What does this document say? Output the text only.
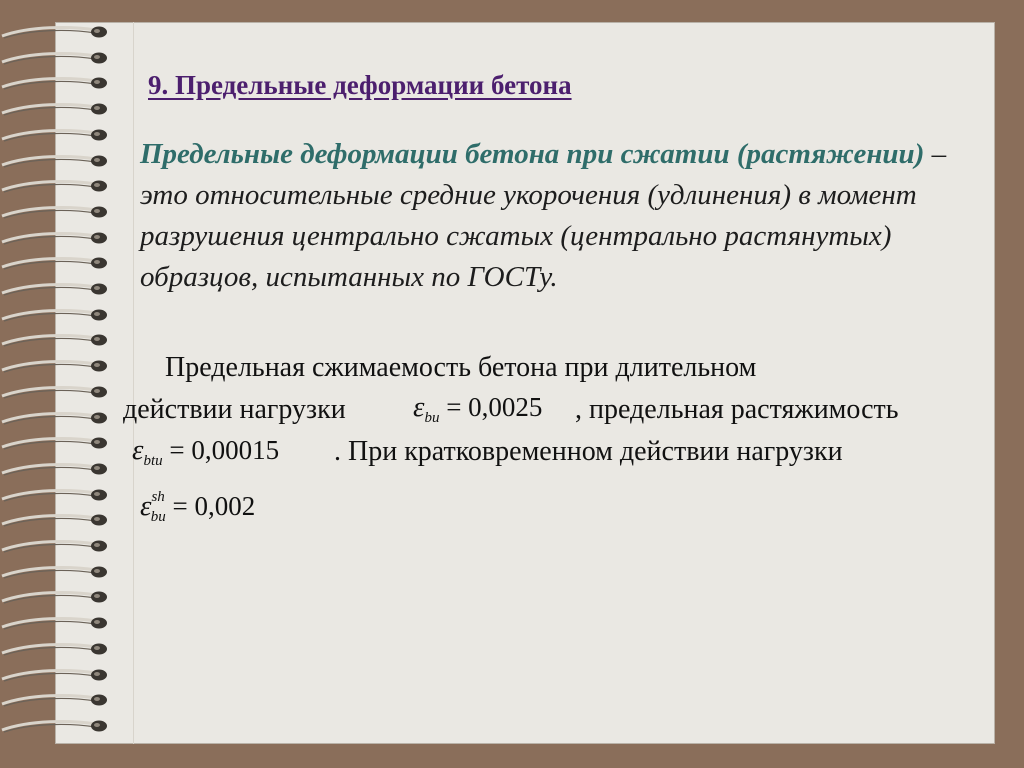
9. Предельные деформации бетона

Предельные деформации бетона при сжатии (растяжении) – это относительные средние укорочения (удлинения) в момент разрушения центрально сжатых (центрально растянутых) образцов, испытанных по ГОСТу.

Предельная сжимаемость бетона при длительном
действии нагрузки $\varepsilon_{bu} = 0,0025$ , предельная растяжимость
$\varepsilon_{btu} = 0,00015$ . При кратковременном действии нагрузки
$\varepsilon^{sh}_{bu} = 0,002$
